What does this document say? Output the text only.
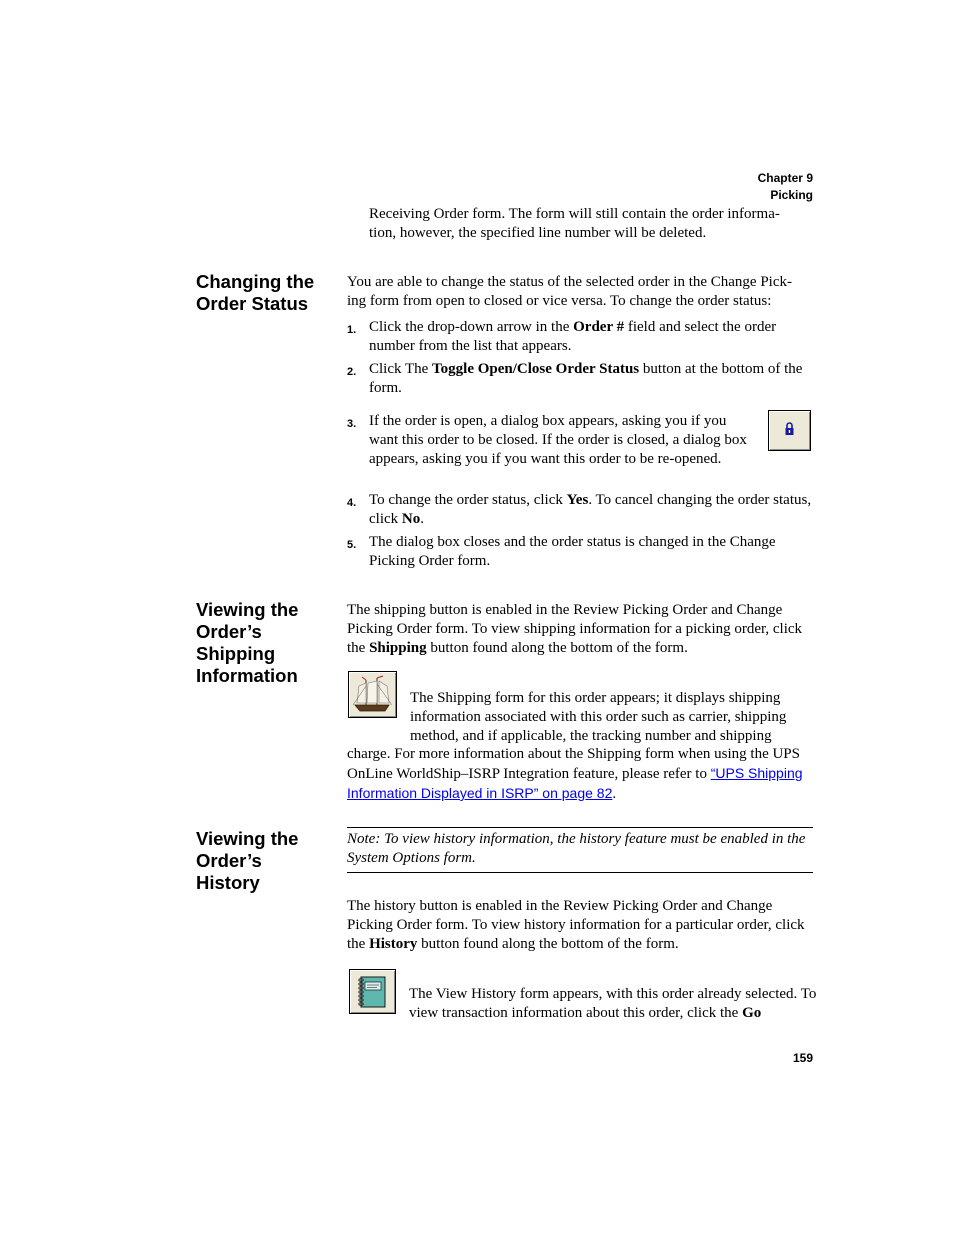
Chapter 9
Picking
Receiving Order form. The form will still contain the order informa-
tion, however, the specified line number will be deleted.
Changing the
Order Status
You are able to change the status of the selected order in the Change Pick-
ing form from open to closed or vice versa. To change the order status:
1. Click the drop-down arrow in the Order # field and select the order number from the list that appears.
2. Click The Toggle Open/Close Order Status button at the bottom of the form.
3. If the order is open, a dialog box appears, asking you if you want this order to be closed. If the order is closed, a dialog box appears, asking you if you want this order to be re-opened.
4. To change the order status, click Yes. To cancel changing the order status, click No.
5. The dialog box closes and the order status is changed in the Change Picking Order form.
Viewing the
Order’s
Shipping
Information
The shipping button is enabled in the Review Picking Order and Change Picking Order form. To view shipping information for a picking order, click the Shipping button found along the bottom of the form.
The Shipping form for this order appears; it displays shipping information associated with this order such as carrier, shipping method, and if applicable, the tracking number and shipping charge. For more information about the Shipping form when using the UPS OnLine WorldShip–ISRP Integration feature, please refer to “UPS Shipping Information Displayed in ISRP” on page 82.
Viewing the
Order’s
History
Note: To view history information, the history feature must be enabled in the System Options form.
The history button is enabled in the Review Picking Order and Change Picking Order form. To view history information for a particular order, click the History button found along the bottom of the form.
The View History form appears, with this order already selected. To view transaction information about this order, click the Go
159
